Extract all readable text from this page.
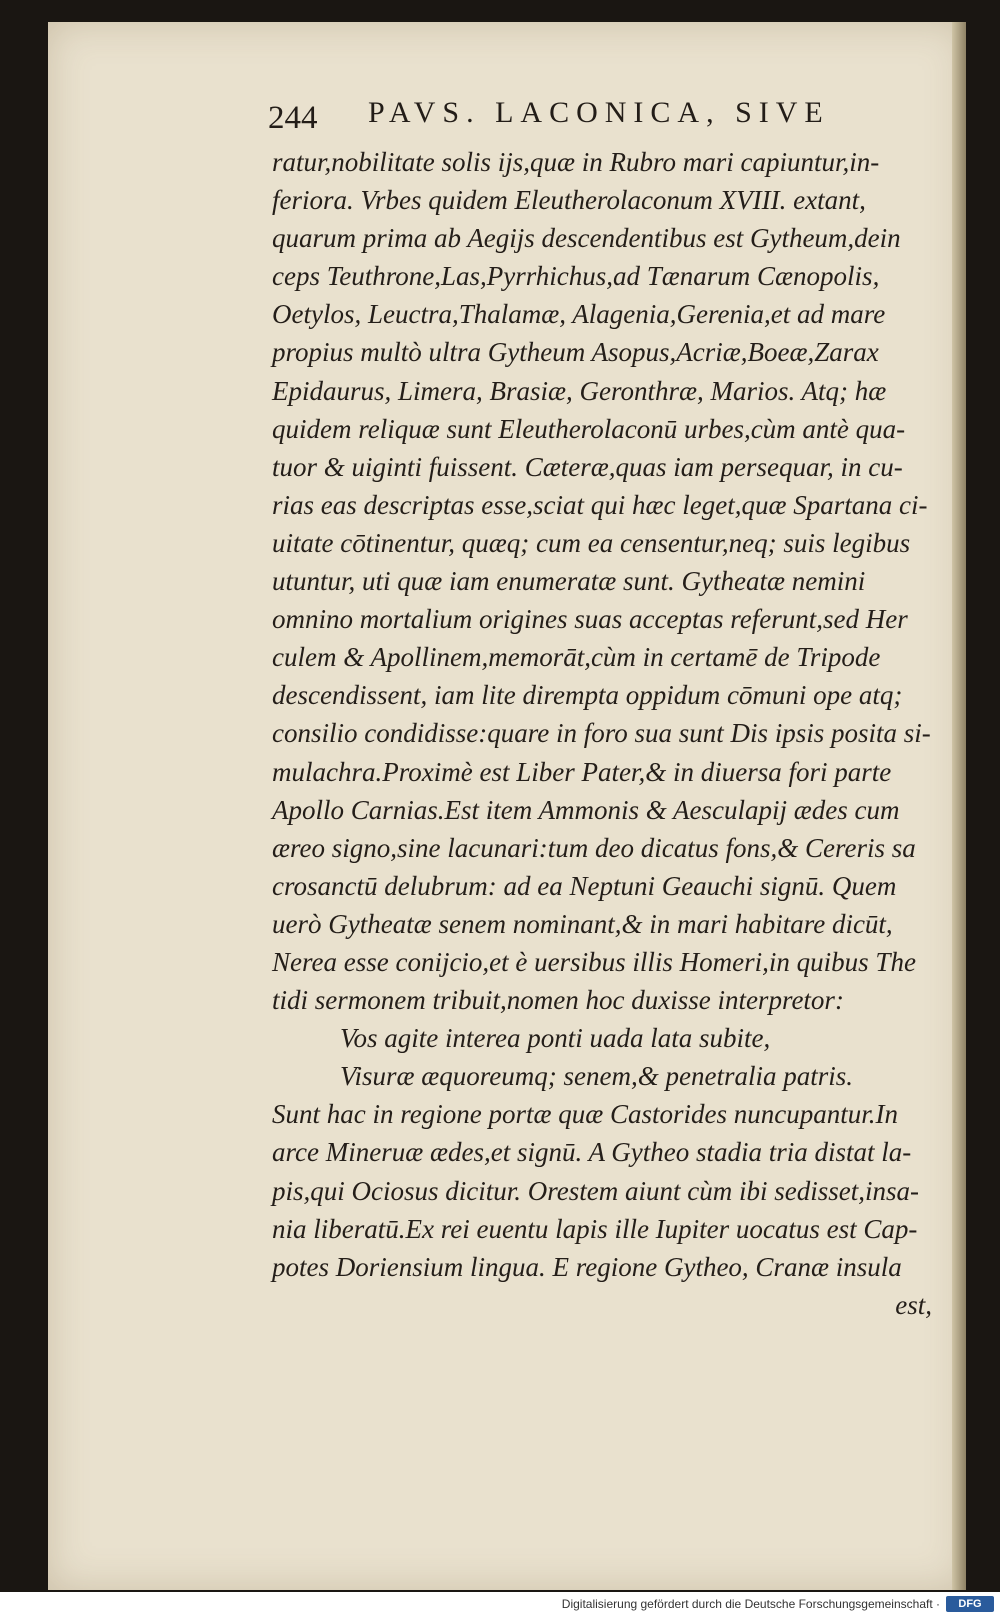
244 PAVS. LACONICA, SIVE
ratur,nobilitate solis ijs,quæ in Rubro mari capiuntur,in-
feriora. Vrbes quidem Eleutherolaconum XVIII. extant,
quarum prima ab Aegijs descendentibus est Gytheum,dein
ceps Teuthrone,Las,Pyrrhichus,ad Tænarum Cænopolis,
Oetylos, Leuctra,Thalamæ, Alagenia,Gerenia,et ad mare
propius multò ultra Gytheum Asopus,Acriæ,Boeæ,Zarax
Epidaurus, Limera, Brasiæ, Geronthræ, Marios. Atq; hæ
quidem reliquæ sunt Eleutherolaconū urbes,cùm antè qua-
tuor & uiginti fuissent. Cæteræ,quas iam persequar, in cu-
rias eas descriptas esse,sciat qui hæc leget,quæ Spartana ci-
uitate cōtinentur, quæq; cum ea censentur,neq; suis legibus
utuntur, uti quæ iam enumeratæ sunt. Gytheatæ nemini
omnino mortalium origines suas acceptas referunt,sed Her
culem & Apollinem,memorāt,cùm in certamē de Tripode
descendissent, iam lite dirempta oppidum cōmuni ope atq;
consilio condidisse:quare in foro sua sunt Dis ipsis posita si-
mulachra.Proximè est Liber Pater,& in diuersa fori parte
Apollo Carnias.Est item Ammonis & Aesculapij ædes cum
æreo signo,sine lacunari:tum deo dicatus fons,& Cereris sa
crosanctū delubrum: ad ea Neptuni Geauchi signū. Quem
uerò Gytheatæ senem nominant,& in mari habitare dicūt,
Nerea esse conijcio,et è uersibus illis Homeri,in quibus The
tidi sermonem tribuit,nomen hoc duxisse interpretor:
Vos agite interea ponti uada lata subite,
Visuræ æquoreumq; senem,& penetralia patris.
Sunt hac in regione portæ quæ Castorides nuncupantur.In
arce Mineruæ ædes,et signū. A Gytheo stadia tria distat la-
pis,qui Ociosus dicitur. Orestem aiunt cùm ibi sedisset,insa-
nia liberatū.Ex rei euentu lapis ille Iupiter uocatus est Cap-
potes Doriensium lingua. E regione Gytheo, Cranæ insula
est,
Digitalisierung gefördert durch die Deutsche Forschungsgemeinschaft ·	DFG
